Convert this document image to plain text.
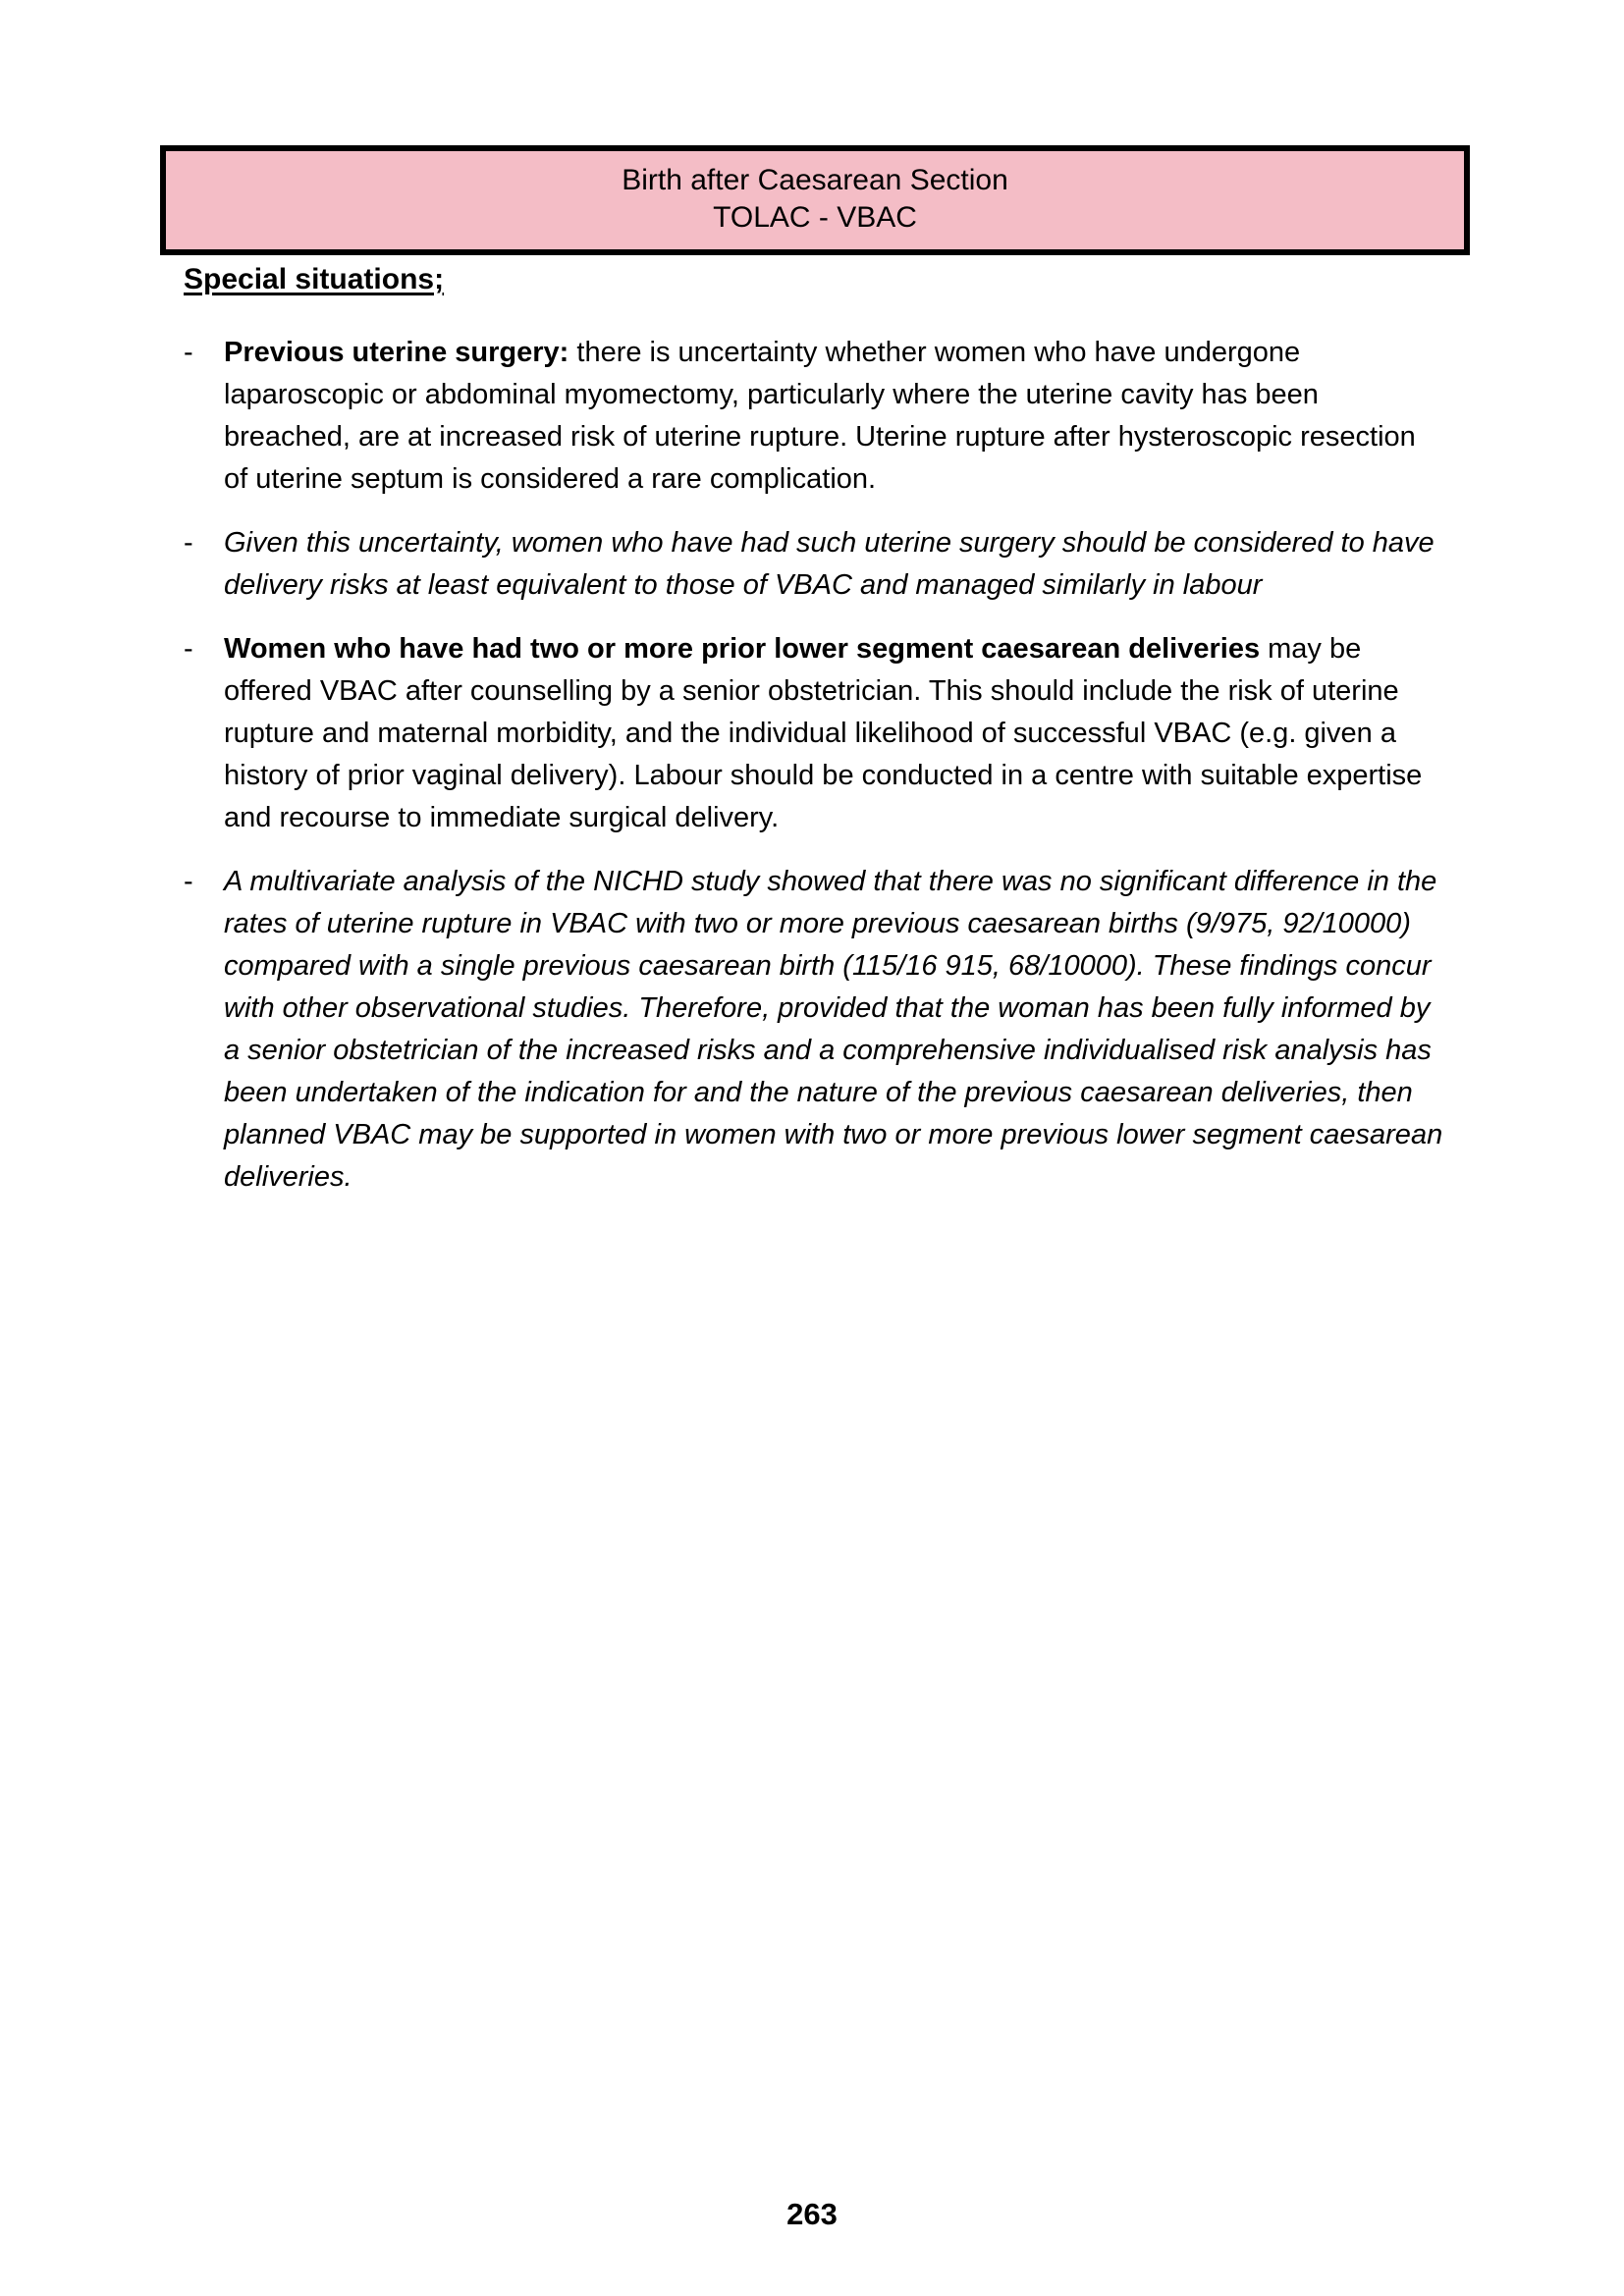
Birth after Caesarean Section
TOLAC - VBAC
Special situations;
-	Previous uterine surgery: there is uncertainty whether women who have undergone laparoscopic or abdominal myomectomy, particularly where the uterine cavity has been breached, are at increased risk of uterine rupture. Uterine rupture after hysteroscopic resection of uterine septum is considered a rare complication.

-	Given this uncertainty, women who have had such uterine surgery should be considered to have delivery risks at least equivalent to those of VBAC and managed similarly in labour

-	Women who have had two or more prior lower segment caesarean deliveries may be offered VBAC after counselling by a senior obstetrician. This should include the risk of uterine rupture and maternal morbidity, and the individual likelihood of successful VBAC (e.g. given a history of prior vaginal delivery). Labour should be conducted in a centre with suitable expertise and recourse to immediate surgical delivery.

-	A multivariate analysis of the NICHD study showed that there was no significant difference in the rates of uterine rupture in VBAC with two or more previous caesarean births (9/975, 92/10000) compared with a single previous caesarean birth (115/16 915, 68/10000). These findings concur with other observational studies. Therefore, provided that the woman has been fully informed by a senior obstetrician of the increased risks and a comprehensive individualised risk analysis has been undertaken of the indication for and the nature of the previous caesarean deliveries, then planned VBAC may be supported in women with two or more previous lower segment caesarean deliveries.

263
